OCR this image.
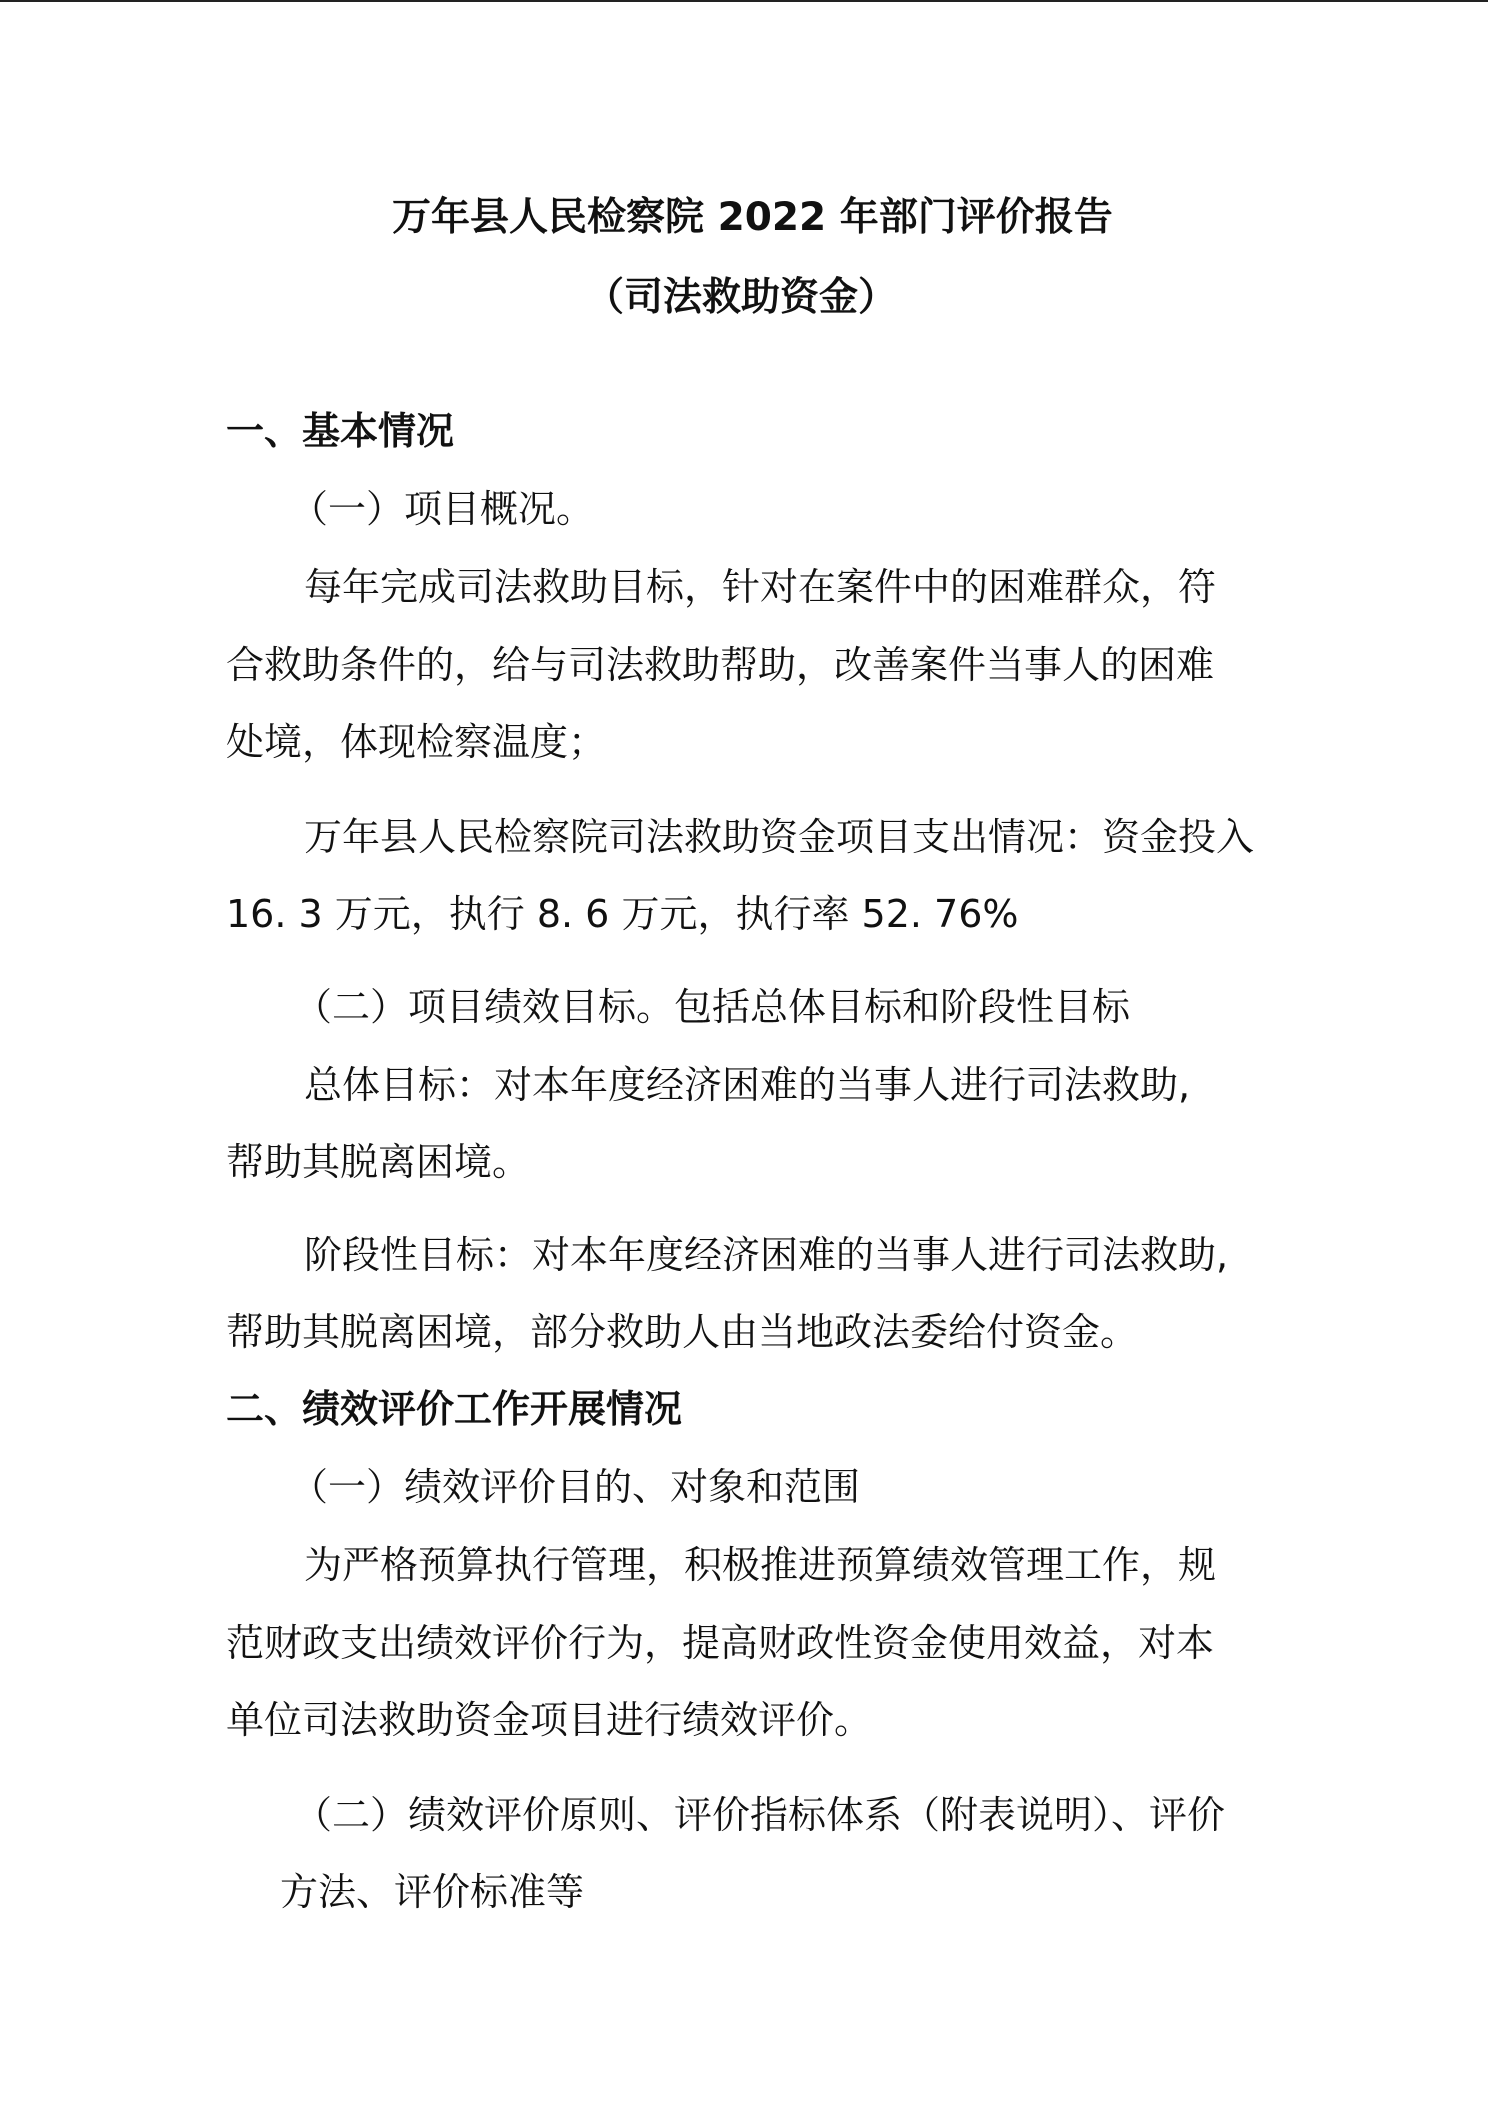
万年县人民检察院 2022 年部门评价报告

（司法救助资金）

一、基本情况

（一）项目概况。

每年完成司法救助目标，针对在案件中的困难群众，符

合救助条件的，给与司法救助帮助，改善案件当事人的困难

处境，体现检察温度；

万年县人民检察院司法救助资金项目支出情况：资金投入

16. 3 万元，执行 8. 6 万元，执行率 52. 76%

（二）项目绩效目标。包括总体目标和阶段性目标

总体目标：对本年度经济困难的当事人进行司法救助,

帮助其脱离困境。

阶段性目标：对本年度经济困难的当事人进行司法救助,

帮助其脱离困境，部分救助人由当地政法委给付资金。

二、绩效评价工作开展情况

（一）绩效评价目的、对象和范围

为严格预算执行管理，积极推进预算绩效管理工作，规

范财政支出绩效评价行为，提高财政性资金使用效益，对本

单位司法救助资金项目进行绩效评价。

（二）绩效评价原则、评价指标体系（附表说明）、评价

方法、评价标准等
